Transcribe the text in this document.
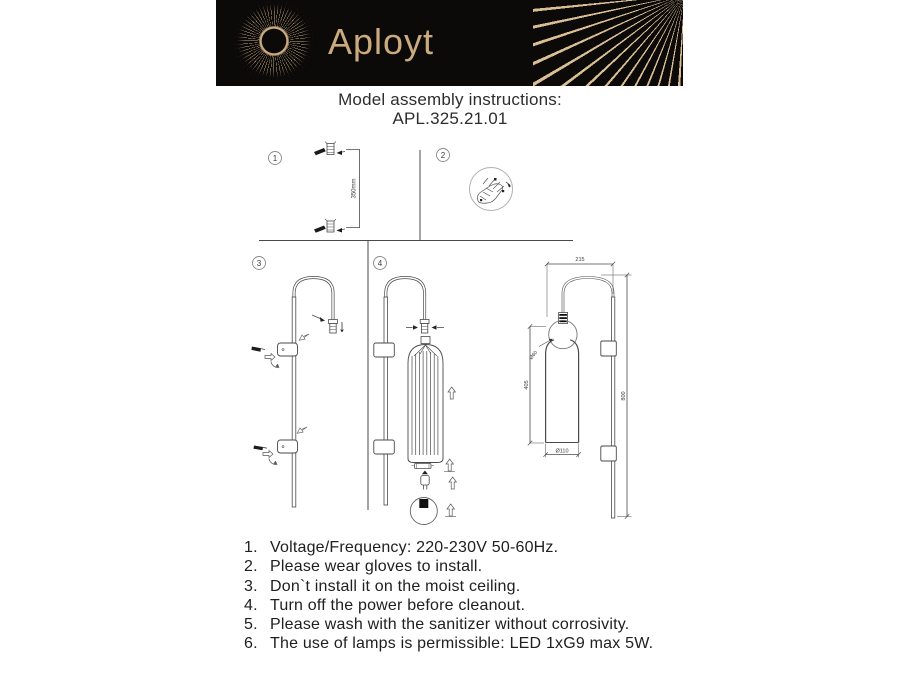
Aployt
Model assembly instructions:
APL.325.21.01
1
350mm
2
3	4	215
800
405
Ø60
Ø110
1. Voltage/Frequency: 220-230V 50-60Hz.
2. Please wear gloves to install.
3. Don`t install it on the moist ceiling.
4. Turn off the power before cleanout.
5. Please wash with the sanitizer without corrosivity.
6. The use of lamps is permissible: LED 1xG9 max 5W.
